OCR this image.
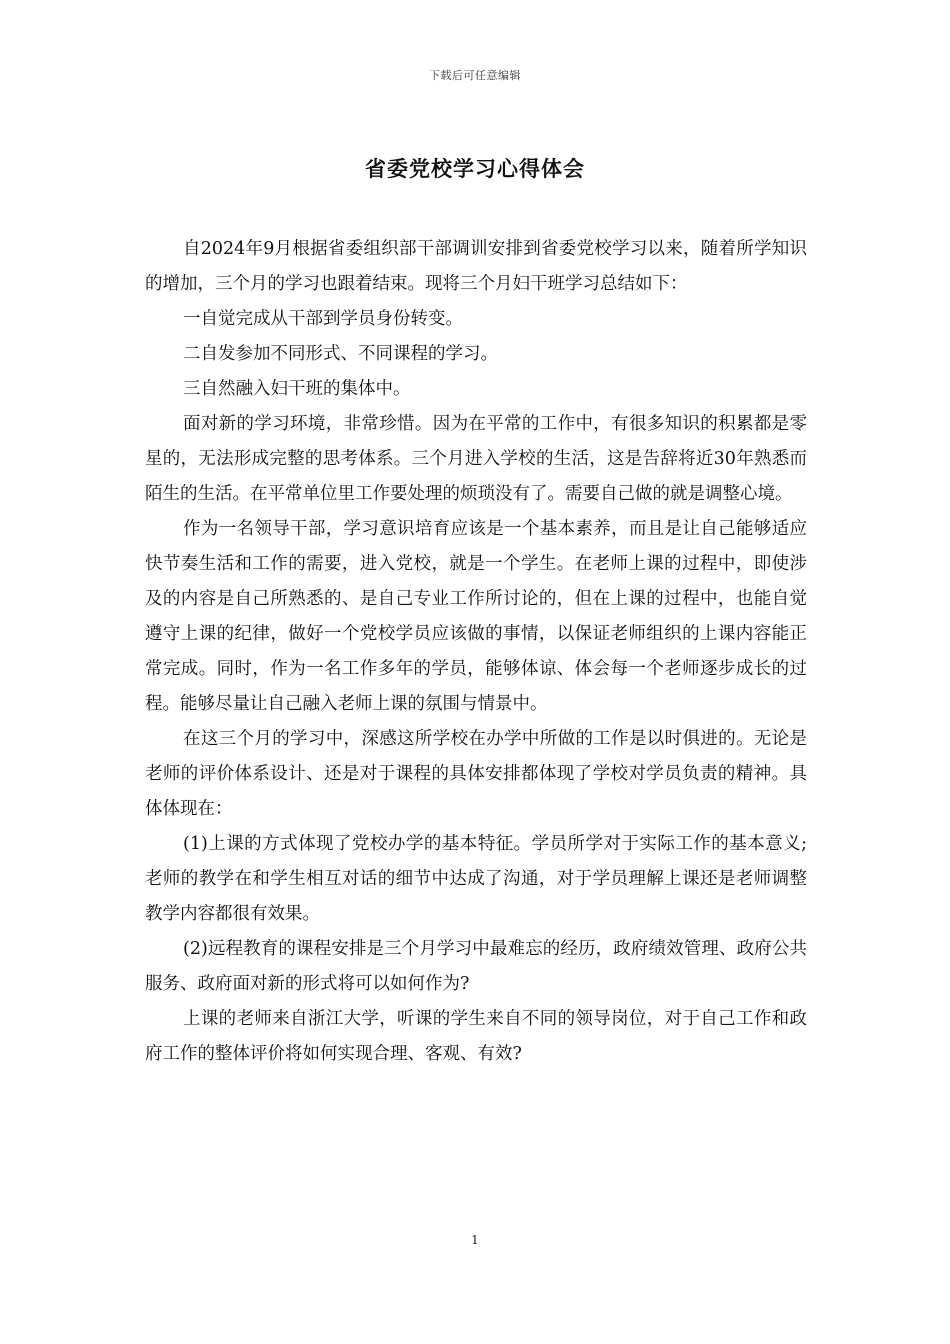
下载后可任意编辑
省委党校学习心得体会

自2024年9月根据省委组织部干部调训安排到省委党校学习以来，随着所学知识的增加，三个月的学习也跟着结束。现将三个月妇干班学习总结如下：

一自觉完成从干部到学员身份转变。

二自发参加不同形式、不同课程的学习。

三自然融入妇干班的集体中。

面对新的学习环境，非常珍惜。因为在平常的工作中，有很多知识的积累都是零星的，无法形成完整的思考体系。三个月进入学校的生活，这是告辞将近30年熟悉而陌生的生活。在平常单位里工作要处理的烦琐没有了。需要自己做的就是调整心境。

作为一名领导干部，学习意识培育应该是一个基本素养，而且是让自己能够适应快节奏生活和工作的需要，进入党校，就是一个学生。在老师上课的过程中，即使涉及的内容是自己所熟悉的、是自己专业工作所讨论的，但在上课的过程中，也能自觉遵守上课的纪律，做好一个党校学员应该做的事情，以保证老师组织的上课内容能正常完成。同时，作为一名工作多年的学员，能够体谅、体会每一个老师逐步成长的过程。能够尽量让自己融入老师上课的氛围与情景中。

在这三个月的学习中，深感这所学校在办学中所做的工作是以时俱进的。无论是老师的评价体系设计、还是对于课程的具体安排都体现了学校对学员负责的精神。具体体现在：

(1)上课的方式体现了党校办学的基本特征。学员所学对于实际工作的基本意义;老师的教学在和学生相互对话的细节中达成了沟通，对于学员理解上课还是老师调整教学内容都很有效果。

(2)远程教育的课程安排是三个月学习中最难忘的经历，政府绩效管理、政府公共服务、政府面对新的形式将可以如何作为?

上课的老师来自浙江大学，听课的学生来自不同的领导岗位，对于自己工作和政府工作的整体评价将如何实现合理、客观、有效?

1
